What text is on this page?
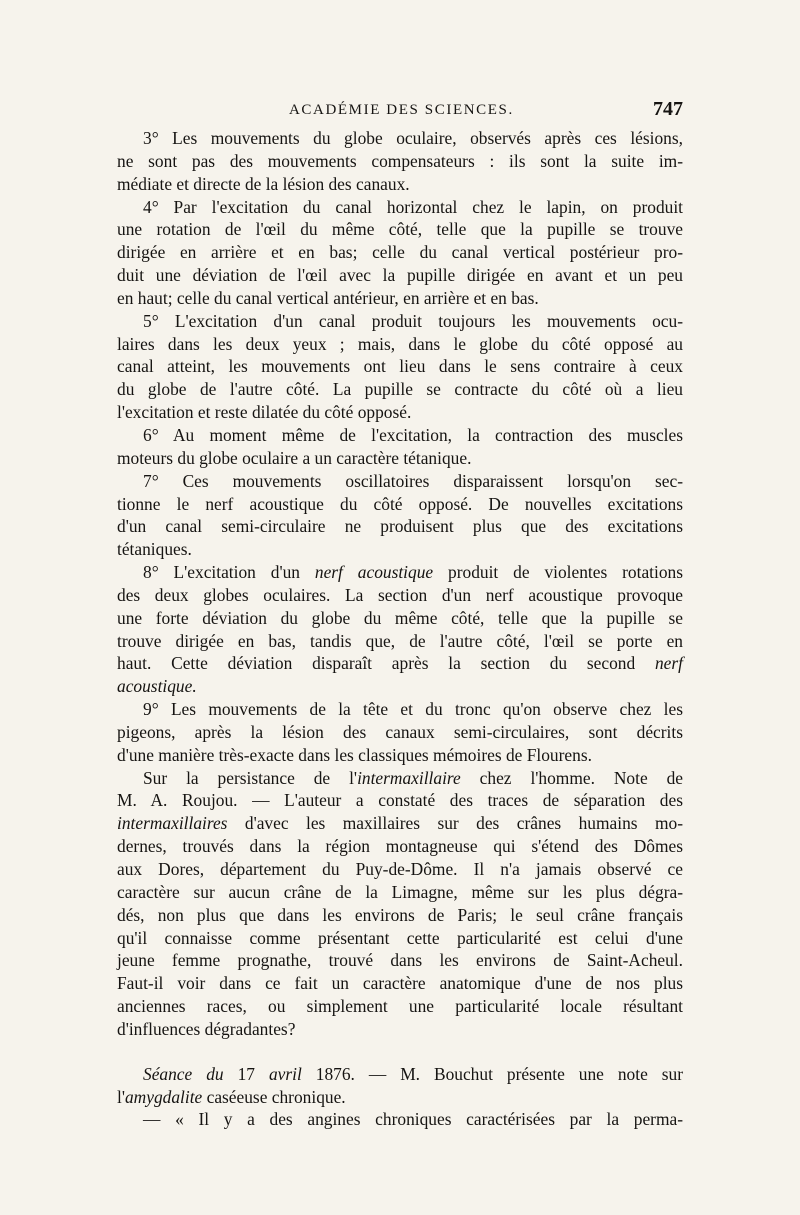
ACADÉMIE DES SCIENCES.	747
3° Les mouvements du globe oculaire, observés après ces lésions,
ne sont pas des mouvements compensateurs : ils sont la suite im-
médiate et directe de la lésion des canaux.
4° Par l'excitation du canal horizontal chez le lapin, on produit
une rotation de l'œil du même côté, telle que la pupille se trouve
dirigée en arrière et en bas; celle du canal vertical postérieur pro-
duit une déviation de l'œil avec la pupille dirigée en avant et un peu
en haut; celle du canal vertical antérieur, en arrière et en bas.
5° L'excitation d'un canal produit toujours les mouvements ocu-
laires dans les deux yeux ; mais, dans le globe du côté opposé au
canal atteint, les mouvements ont lieu dans le sens contraire à ceux
du globe de l'autre côté. La pupille se contracte du côté où a lieu
l'excitation et reste dilatée du côté opposé.
6° Au moment même de l'excitation, la contraction des muscles
moteurs du globe oculaire a un caractère tétanique.
7° Ces mouvements oscillatoires disparaissent lorsqu'on sec-
tionne le nerf acoustique du côté opposé. De nouvelles excitations
d'un canal semi-circulaire ne produisent plus que des excitations
tétaniques.
8° L'excitation d'un nerf acoustique produit de violentes rotations
des deux globes oculaires. La section d'un nerf acoustique provoque
une forte déviation du globe du même côté, telle que la pupille se
trouve dirigée en bas, tandis que, de l'autre côté, l'œil se porte en
haut. Cette déviation disparaît après la section du second nerf
acoustique.
9° Les mouvements de la tête et du tronc qu'on observe chez les
pigeons, après la lésion des canaux semi-circulaires, sont décrits
d'une manière très-exacte dans les classiques mémoires de Flourens.
Sur la persistance de l'intermaxillaire chez l'homme. Note de
M. A. Roujou. — L'auteur a constaté des traces de séparation des
intermaxillaires d'avec les maxillaires sur des crânes humains mo-
dernes, trouvés dans la région montagneuse qui s'étend des Dômes
aux Dores, département du Puy-de-Dôme. Il n'a jamais observé ce
caractère sur aucun crâne de la Limagne, même sur les plus dégra-
dés, non plus que dans les environs de Paris; le seul crâne français
qu'il connaisse comme présentant cette particularité est celui d'une
jeune femme prognathe, trouvé dans les environs de Saint-Acheul.
Faut-il voir dans ce fait un caractère anatomique d'une de nos plus
anciennes races, ou simplement une particularité locale résultant
d'influences dégradantes?
Séance du 17 avril 1876. — M. Bouchut présente une note sur
l'amygdalite caséeuse chronique.
— « Il y a des angines chroniques caractérisées par la perma-
